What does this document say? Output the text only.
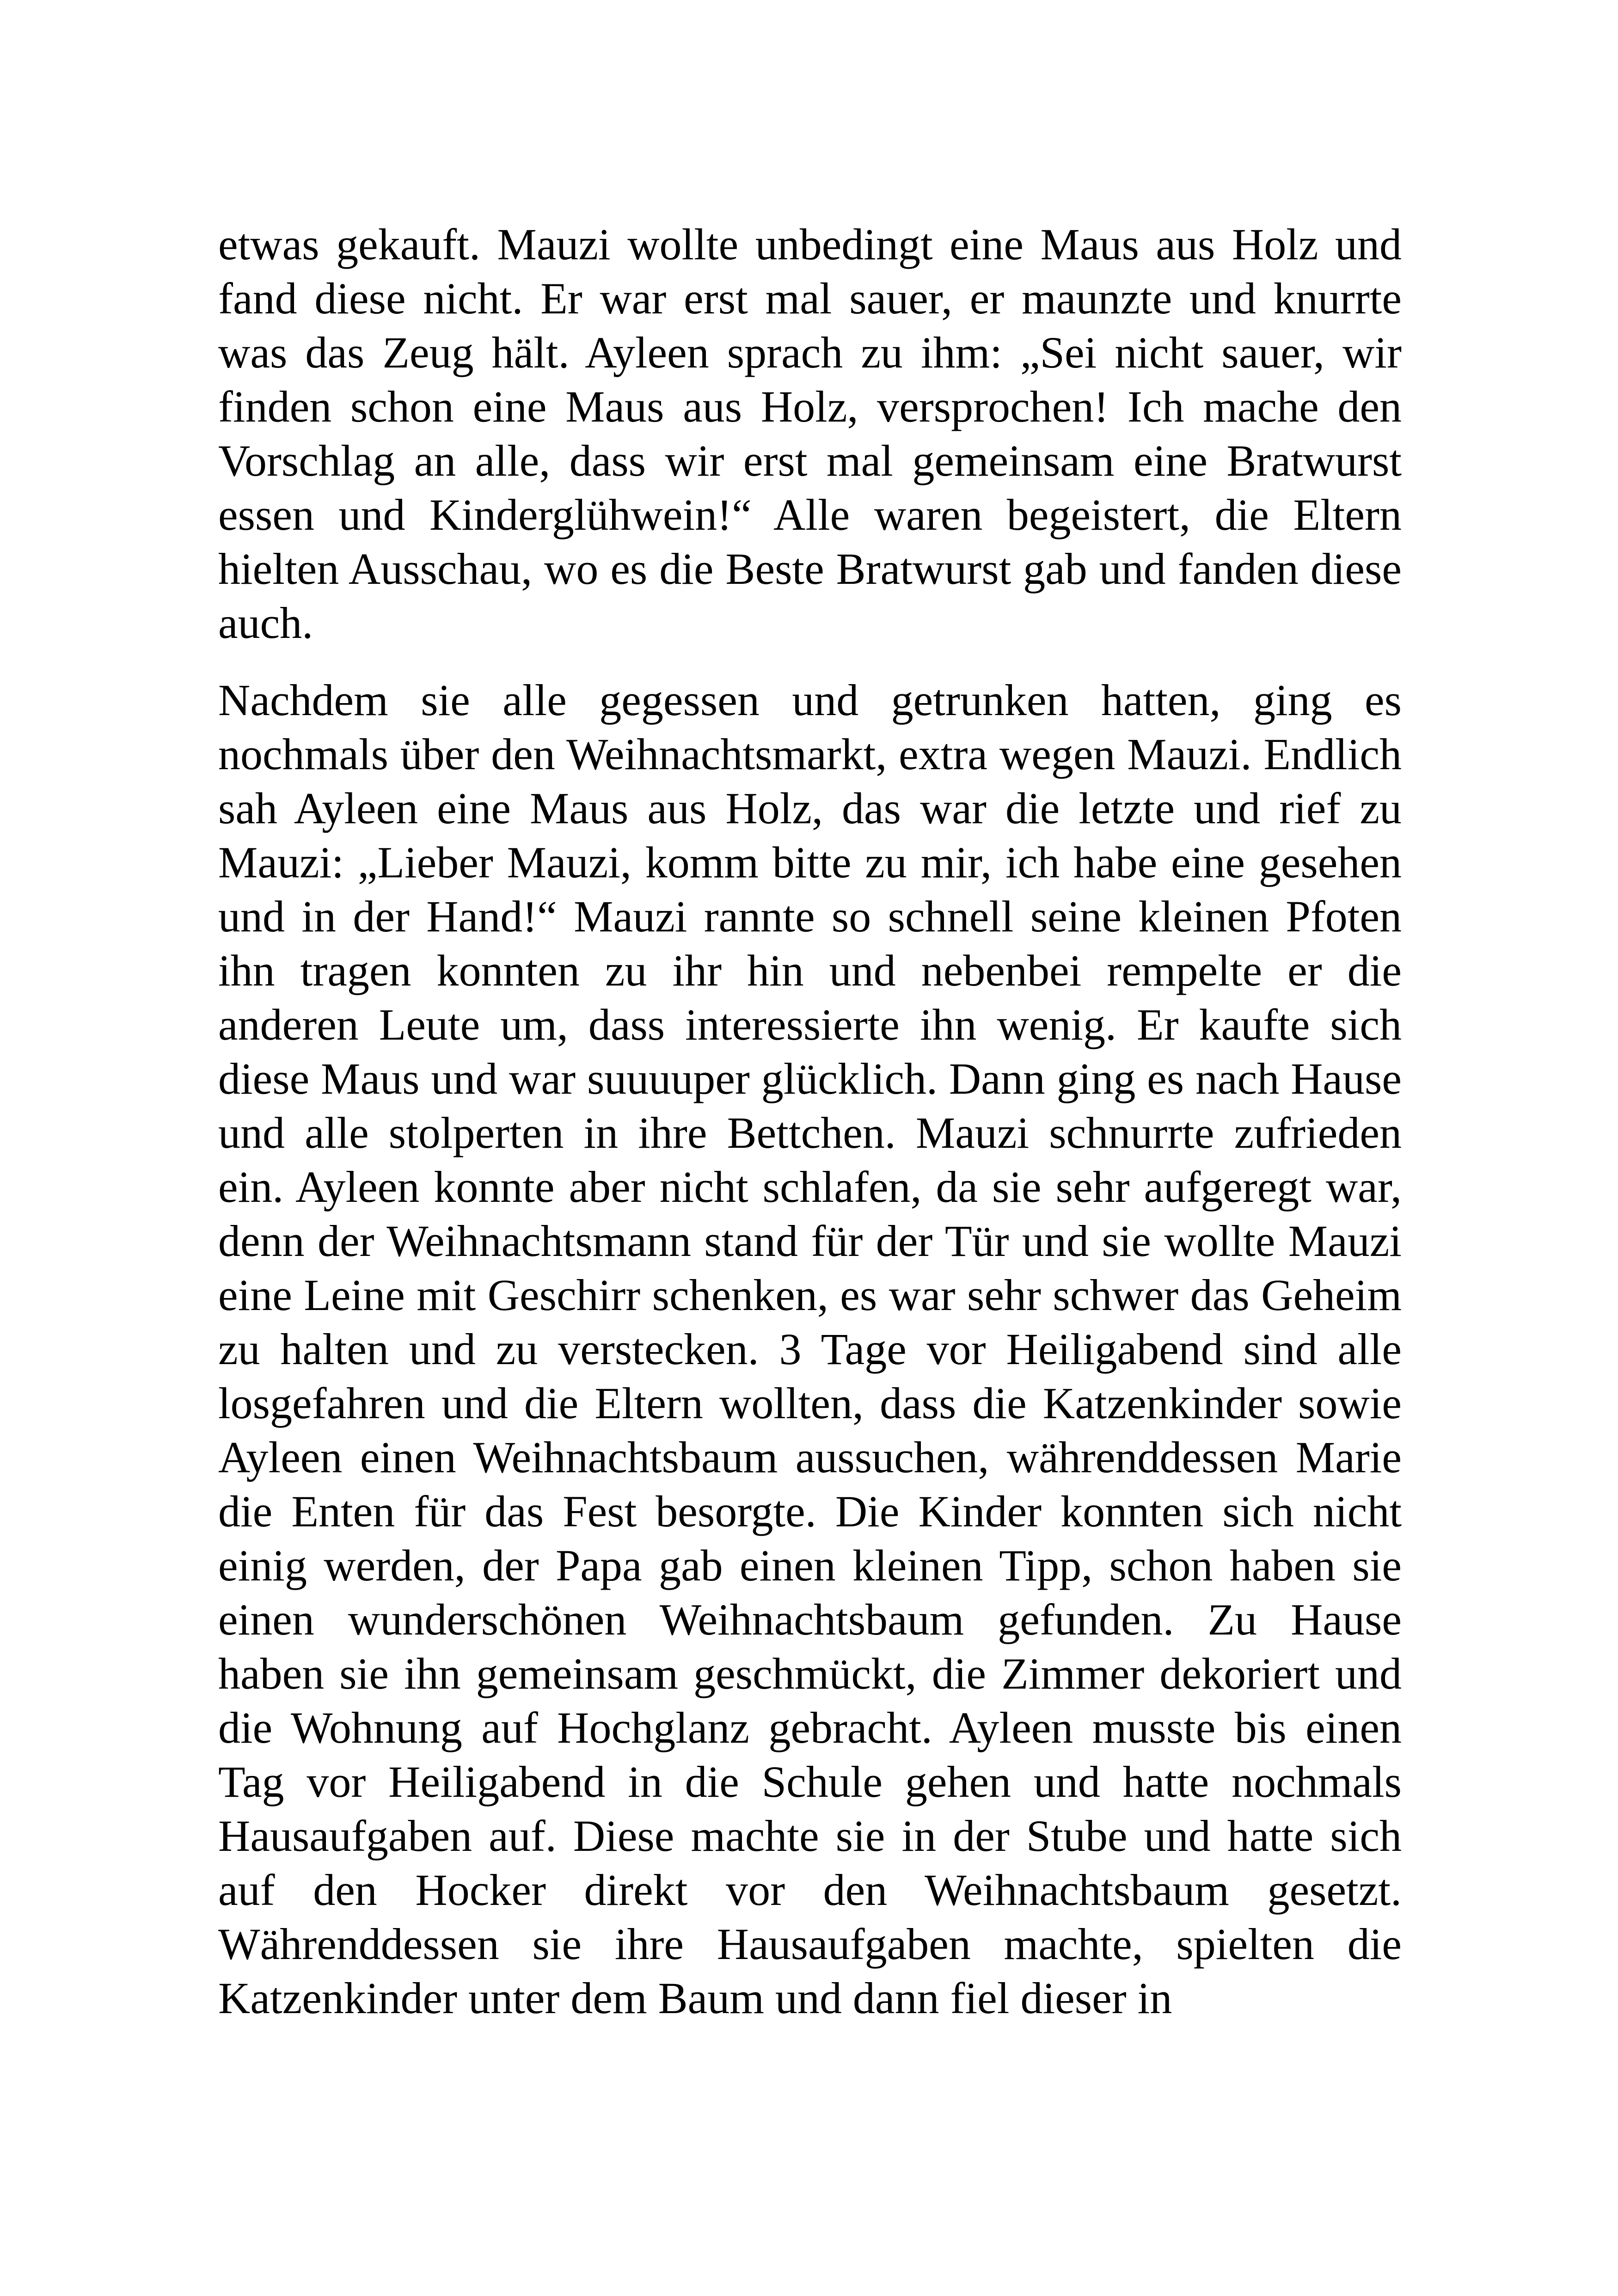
etwas gekauft. Mauzi wollte unbedingt eine Maus aus Holz und fand diese nicht. Er war erst mal sauer, er maunzte und knurrte was das Zeug hält. Ayleen sprach zu ihm: „Sei nicht sauer, wir finden schon eine Maus aus Holz, versprochen! Ich mache den Vorschlag an alle, dass wir erst mal gemeinsam eine Bratwurst essen und Kinderglühwein!“ Alle waren begeistert, die Eltern hielten Ausschau, wo es die Beste Bratwurst gab und fanden diese auch.

Nachdem sie alle gegessen und getrunken hatten, ging es nochmals über den Weihnachtsmarkt, extra wegen Mauzi. Endlich sah Ayleen eine Maus aus Holz, das war die letzte und rief zu Mauzi: „Lieber Mauzi, komm bitte zu mir, ich habe eine gesehen und in der Hand!“ Mauzi rannte so schnell seine kleinen Pfoten ihn tragen konnten zu ihr hin und nebenbei rempelte er die anderen Leute um, dass interessierte ihn wenig. Er kaufte sich diese Maus und war suuuuper glücklich. Dann ging es nach Hause und alle stolperten in ihre Bettchen. Mauzi schnurrte zufrieden ein. Ayleen konnte aber nicht schlafen, da sie sehr aufgeregt war, denn der Weihnachtsmann stand für der Tür und sie wollte Mauzi eine Leine mit Geschirr schenken, es war sehr schwer das Geheim zu halten und zu verstecken. 3 Tage vor Heiligabend sind alle losgefahren und die Eltern wollten, dass die Katzenkinder sowie Ayleen einen Weihnachtsbaum aussuchen, währenddessen Marie die Enten für das Fest besorgte. Die Kinder konnten sich nicht einig werden, der Papa gab einen kleinen Tipp, schon haben sie einen wunderschönen Weihnachtsbaum gefunden. Zu Hause haben sie ihn gemeinsam geschmückt, die Zimmer dekoriert und die Wohnung auf Hochglanz gebracht. Ayleen musste bis einen Tag vor Heiligabend in die Schule gehen und hatte nochmals Hausaufgaben auf. Diese machte sie in der Stube und hatte sich auf den Hocker direkt vor den Weihnachtsbaum gesetzt. Währenddessen sie ihre Hausaufgaben machte, spielten die Katzenkinder unter dem Baum und dann fiel dieser in
